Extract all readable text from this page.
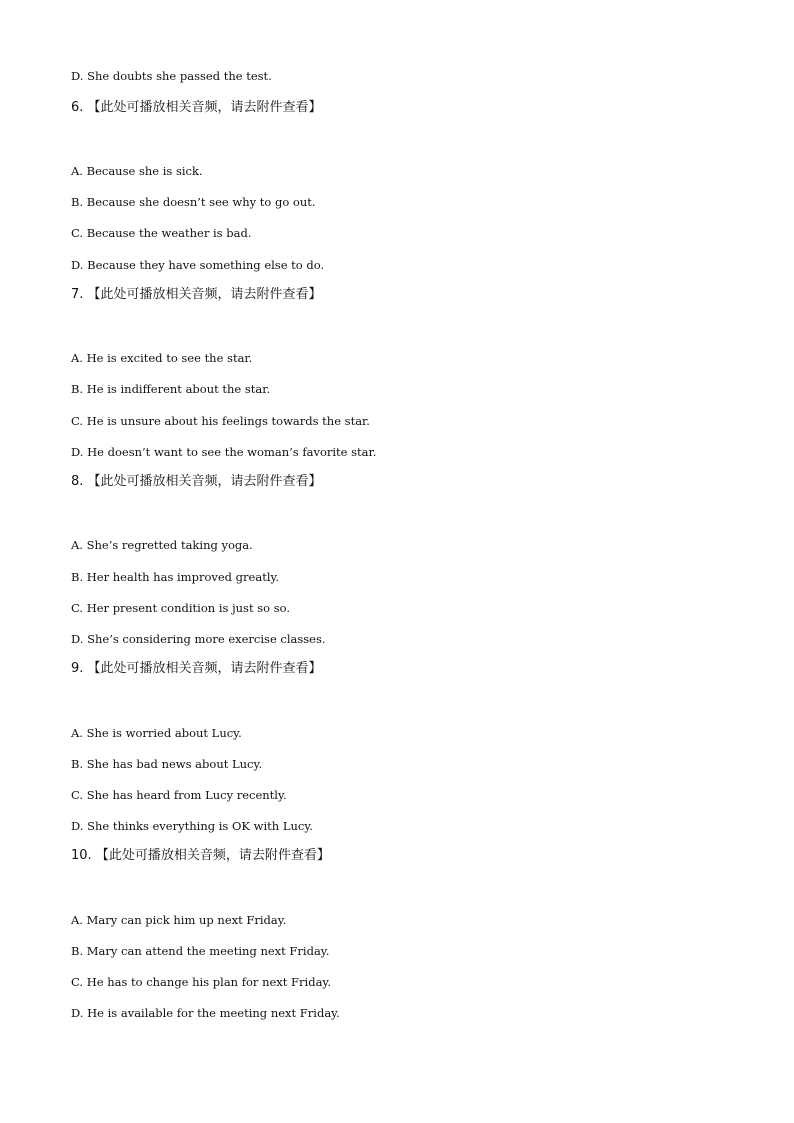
D. She doubts she passed the test.
6. 【此处可播放相关音频，请去附件查看】
A. Because she is sick.
B. Because she doesn’t see why to go out.
C. Because the weather is bad.
D. Because they have something else to do.
7. 【此处可播放相关音频，请去附件查看】
A. He is excited to see the star.
B. He is indifferent about the star.
C. He is unsure about his feelings towards the star.
D. He doesn’t want to see the woman’s favorite star.
8. 【此处可播放相关音频，请去附件查看】
A. She’s regretted taking yoga.
B. Her health has improved greatly.
C. Her present condition is just so so.
D. She’s considering more exercise classes.
9. 【此处可播放相关音频，请去附件查看】
A. She is worried about Lucy.
B. She has bad news about Lucy.
C. She has heard from Lucy recently.
D. She thinks everything is OK with Lucy.
10. 【此处可播放相关音频，请去附件查看】
A. Mary can pick him up next Friday.
B. Mary can attend the meeting next Friday.
C. He has to change his plan for next Friday.
D. He is available for the meeting next Friday.
